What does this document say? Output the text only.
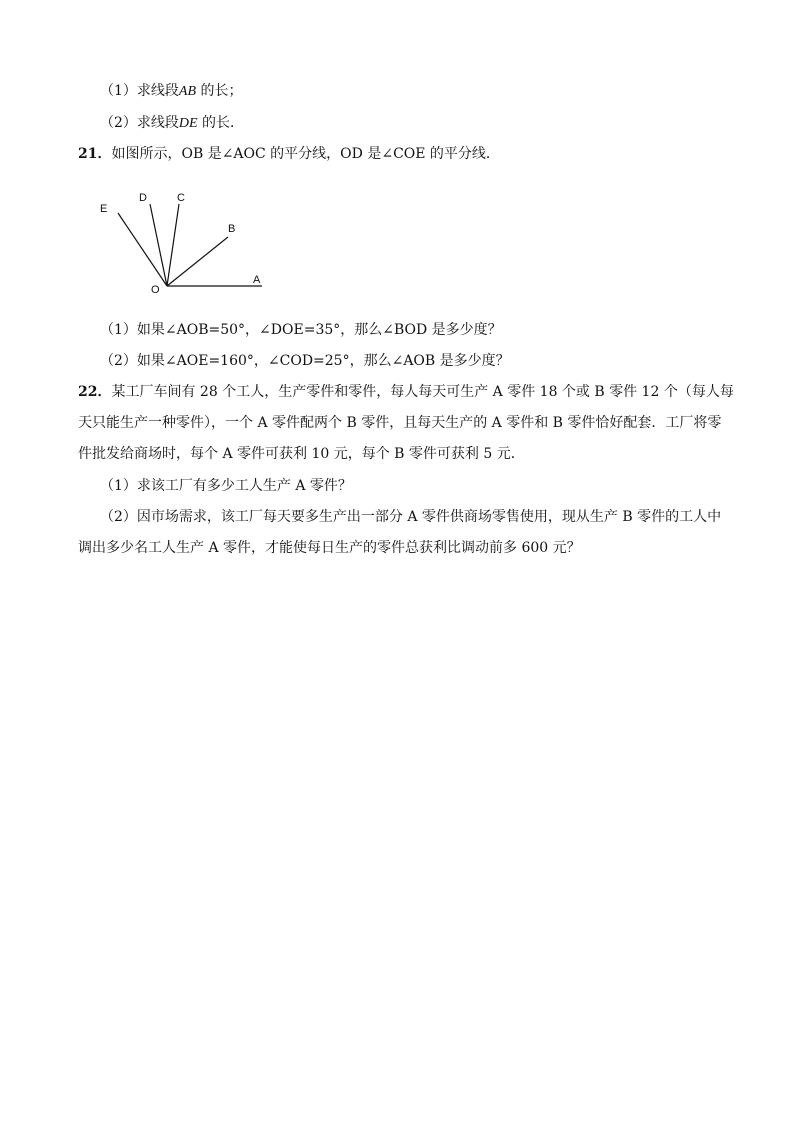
（1）求线段AB 的长；
（2）求线段DE 的长．
21．如图所示，OB 是∠AOC 的平分线，OD 是∠COE 的平分线．
E
D	C
B
A
O
（1）如果∠AOB=50°，∠DOE=35°，那么∠BOD 是多少度？
（2）如果∠AOE=160°，∠COD=25°，那么∠AOB 是多少度？
22．某工厂车间有 28 个工人，生产零件和零件，每人每天可生产 A 零件 18 个或 B 零件 12 个（每人每
天只能生产一种零件），一个 A 零件配两个 B 零件，且每天生产的 A 零件和 B 零件恰好配套．工厂将零
件批发给商场时，每个 A 零件可获利 10 元，每个 B 零件可获利 5 元．
（1）求该工厂有多少工人生产 A 零件？
（2）因市场需求，该工厂每天要多生产出一部分 A 零件供商场零售使用，现从生产 B 零件的工人中
调出多少名工人生产 A 零件，才能使每日生产的零件总获利比调动前多 600 元？
